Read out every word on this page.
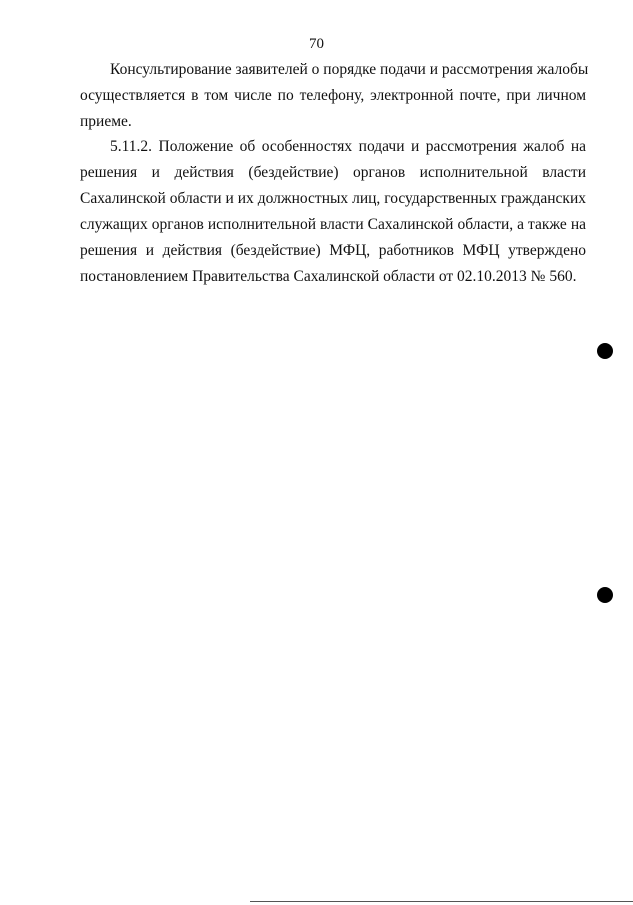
70
Консультирование заявителей о порядке подачи и рассмотрения жалобы
осуществляется в том числе по телефону, электронной почте, при личном
приеме.
5.11.2. Положение об особенностях подачи и рассмотрения жалоб на
решения и действия (бездействие) органов исполнительной власти
Сахалинской области и их должностных лиц, государственных гражданских
служащих органов исполнительной власти Сахалинской области, а также на
решения и действия (бездействие) МФЦ, работников МФЦ утверждено
постановлением Правительства Сахалинской области от 02.10.2013 № 560.
